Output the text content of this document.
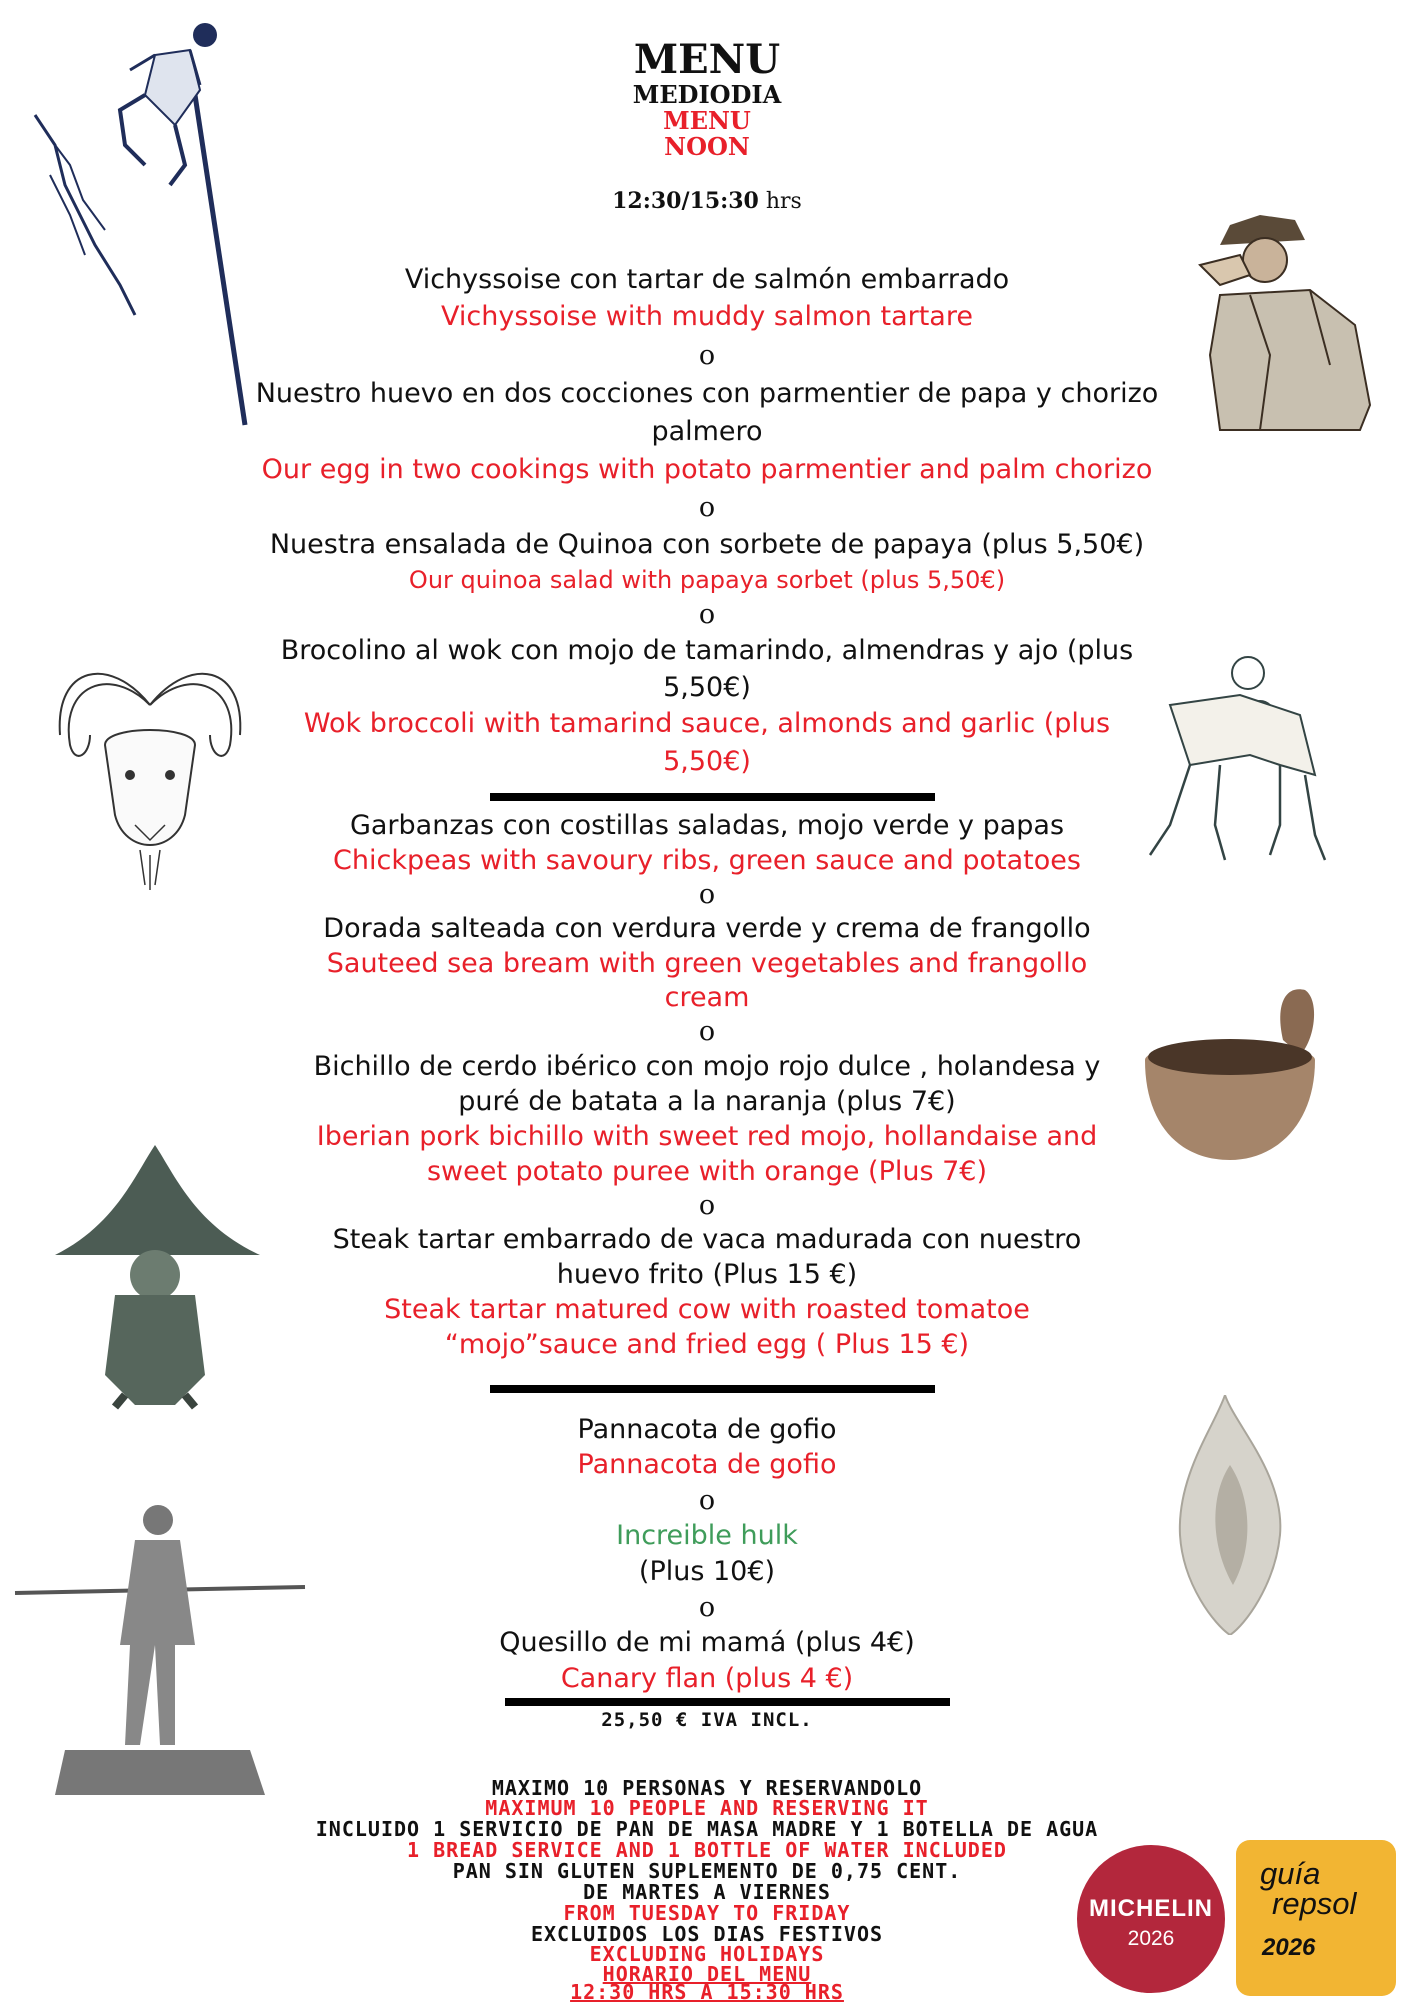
MENU
MEDIODIA
MENU
NOON
12:30/15:30 hrs
Vichyssoise con tartar de salmón embarrado
Vichyssoise with muddy salmon tartare
o
Nuestro huevo en dos cocciones con parmentier de papa y chorizo
palmero
Our egg in two cookings with potato parmentier and palm chorizo
o
Nuestra ensalada de Quinoa con sorbete de papaya (plus 5,50€)
Our quinoa salad with papaya sorbet (plus 5,50€)
o
Brocolino al wok con mojo de tamarindo, almendras y ajo (plus
5,50€)
Wok broccoli with tamarind sauce, almonds and garlic (plus
5,50€)
Garbanzas con costillas saladas, mojo verde y papas
Chickpeas with savoury ribs, green sauce and potatoes
o
Dorada salteada con verdura verde y crema de frangollo
Sauteed sea bream with green vegetables and frangollo
cream
o
Bichillo de cerdo ibérico con mojo rojo dulce , holandesa y
puré de batata a la naranja (plus 7€)
Iberian pork bichillo with sweet red mojo, hollandaise and
sweet potato puree with orange (Plus 7€)
o
Steak tartar embarrado de vaca madurada con nuestro
huevo frito (Plus 15 €)
Steak tartar matured cow with roasted tomatoe
“mojo”sauce and fried egg ( Plus 15 €)
Pannacota de gofio
Pannacota de gofio
o
Increible hulk
(Plus 10€)
o
Quesillo de mi mamá (plus 4€)
Canary flan (plus 4 €)
25,50 € IVA INCL.
MAXIMO 10 PERSONAS Y RESERVANDOLO
MAXIMUM 10 PEOPLE AND RESERVING IT
INCLUIDO 1 SERVICIO DE PAN DE MASA MADRE Y 1 BOTELLA DE AGUA
1 BREAD SERVICE AND 1 BOTTLE OF WATER INCLUDED
PAN SIN GLUTEN SUPLEMENTO DE 0,75 CENT.
DE MARTES A VIERNES
FROM TUESDAY TO FRIDAY
EXCLUIDOS LOS DIAS FESTIVOS
EXCLUDING HOLIDAYS
HORARIO DEL MENU
12:30 HRS A 15:30 HRS
MICHELIN
2026
guía
repsol
2026
